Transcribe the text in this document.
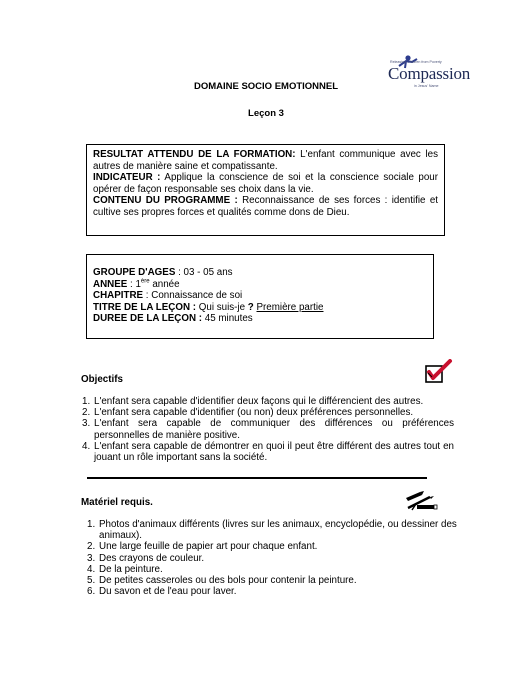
DOMAINE SOCIO EMOTIONNEL
Leçon 3
Releasing Children from Poverty
Compassion
in Jesus' Name

RESULTAT ATTENDU DE LA FORMATION: L'enfant communique avec les autres de manière saine et compatissante.

INDICATEUR : Applique la conscience de soi et la conscience sociale pour opérer de façon responsable ses choix dans la vie.

CONTENU DU PROGRAMME : Reconnaissance de ses forces : identifie et cultive ses propres forces et qualités comme dons de Dieu.

GROUPE D'AGES : 03 - 05 ans

ANNEE : 1ère année

CHAPITRE : Connaissance de soi

TITRE DE LA LEÇON : Qui suis-je ? Première partie

DUREE DE LA LEÇON : 45 minutes

Objectifs
1. L'enfant sera capable d'identifier deux façons qui le différencient des autres.
2. L'enfant sera capable d'identifier (ou non) deux préférences personnelles.
3. L'enfant sera capable de communiquer des différences ou préférences personnelles de manière positive.
4. L'enfant sera capable de démontrer en quoi il peut être différent des autres tout en jouant un rôle important sans la société.
Matériel requis.
1. Photos d'animaux différents (livres sur les animaux, encyclopédie, ou dessiner des animaux).
2. Une large feuille de papier art pour chaque enfant.
3. Des crayons de couleur.
4. De la peinture.
5. De petites casseroles ou des bols pour contenir la peinture.
6. Du savon et de l'eau pour laver.
